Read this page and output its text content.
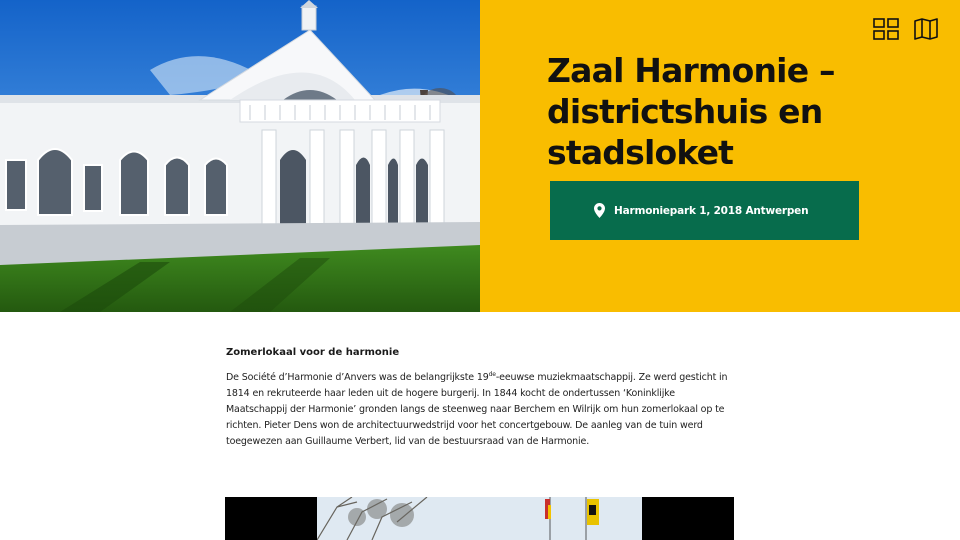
Zaal Harmonie – districtshuis en stadsloket
Harmoniepark 1, 2018 Antwerpen
Zomerlokaal voor de harmonie

De Société d’Harmonie d’Anvers was de belangrijkste 19de-eeuwse muziekmaatschappij. Ze werd gesticht in 1814 en rekruteerde haar leden uit de hogere burgerij. In 1844 kocht de ondertussen ‘Koninklijke Maatschappij der Harmonie’ gronden langs de steenweg naar Berchem en Wilrijk om hun zomerlokaal op te richten. Pieter Dens won de architectuurwedstrijd voor het concertgebouw. De aanleg van de tuin werd toegewezen aan Guillaume Verbert, lid van de bestuursraad van de Harmonie.
